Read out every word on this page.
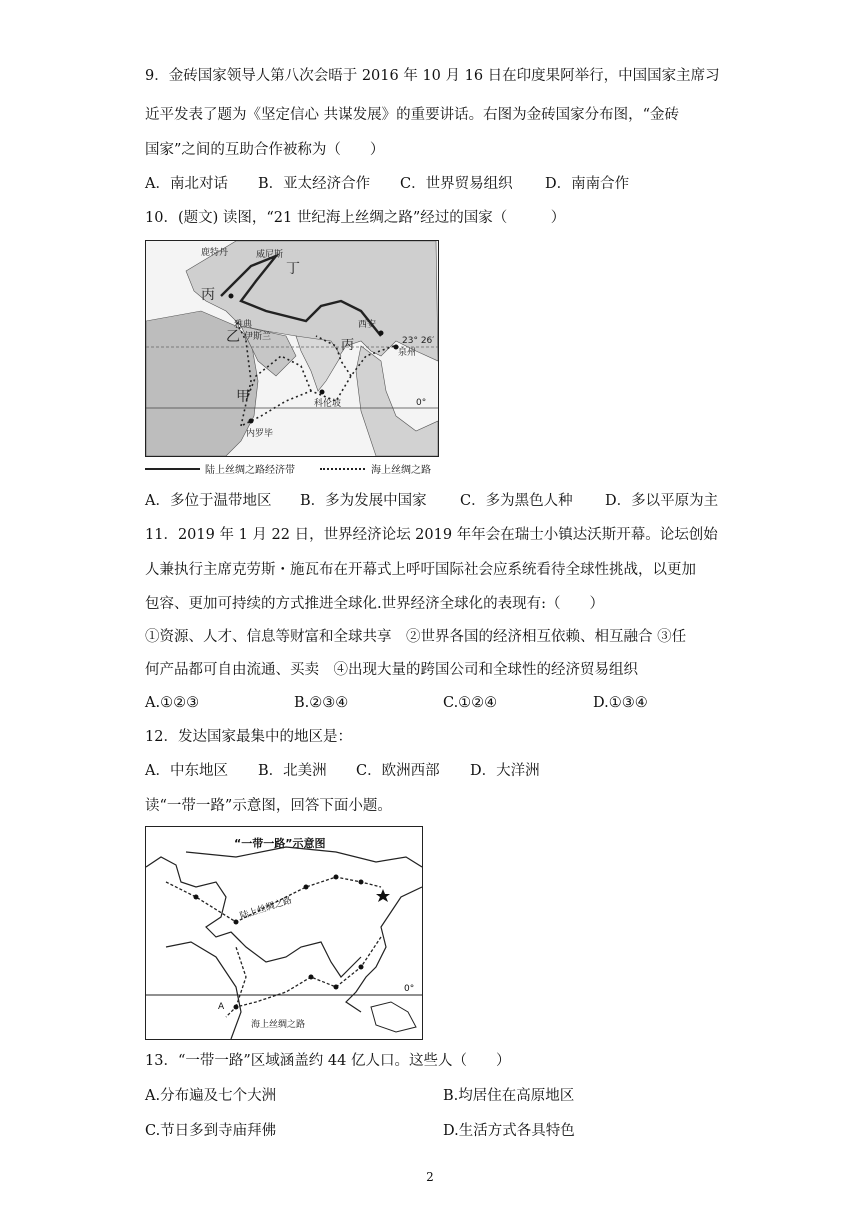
9．金砖国家领导人第八次会晤于 2016 年 10 月 16 日在印度果阿举行，中国国家主席习
近平发表了题为《坚定信心 共谋发展》的重要讲话。右图为金砖国家分布图，“金砖
国家”之间的互助合作被称为（　　）
A．南北对话 B．亚太经济合作 C．世界贸易组织 D．南南合作
10．(题文) 读图，“21 世纪海上丝绸之路”经过的国家（　　　）
鹿特丹	威尼斯
丁
丙
雅典
乙 伊斯兰
丙
西安
泉州
23° 26′
甲	科伦坡
内罗毕
0°
陆上丝绸之路经济带	海上丝绸之路
A．多位于温带地区 B．多为发展中国家 C．多为黑色人种 D．多以平原为主
11．2019 年 1 月 22 日，世界经济论坛 2019 年年会在瑞士小镇达沃斯开幕。论坛创始
人兼执行主席克劳斯・施瓦布在开幕式上呼吁国际社会应系统看待全球性挑战，以更加
包容、更加可持续的方式推进全球化.世界经济全球化的表现有:（　　）
①资源、人才、信息等财富和全球共享　②世界各国的经济相互依赖、相互融合 ③任
何产品都可自由流通、买卖　④出现大量的跨国公司和全球性的经济贸易组织
A.①②③	B.②③④	C.①②④	D.①③④
12．发达国家最集中的地区是：
A．中东地区 B．北美洲 C．欧洲西部 D．大洋洲
读“一带一路”示意图，回答下面小题。
“一带一路”示意图
陆上丝绸之路
海上丝绸之路
0°
A
13．“一带一路”区域涵盖约 44 亿人口。这些人（　　）
A.分布遍及七个大洲	B.均居住在高原地区
C.节日多到寺庙拜佛	D.生活方式各具特色
2
